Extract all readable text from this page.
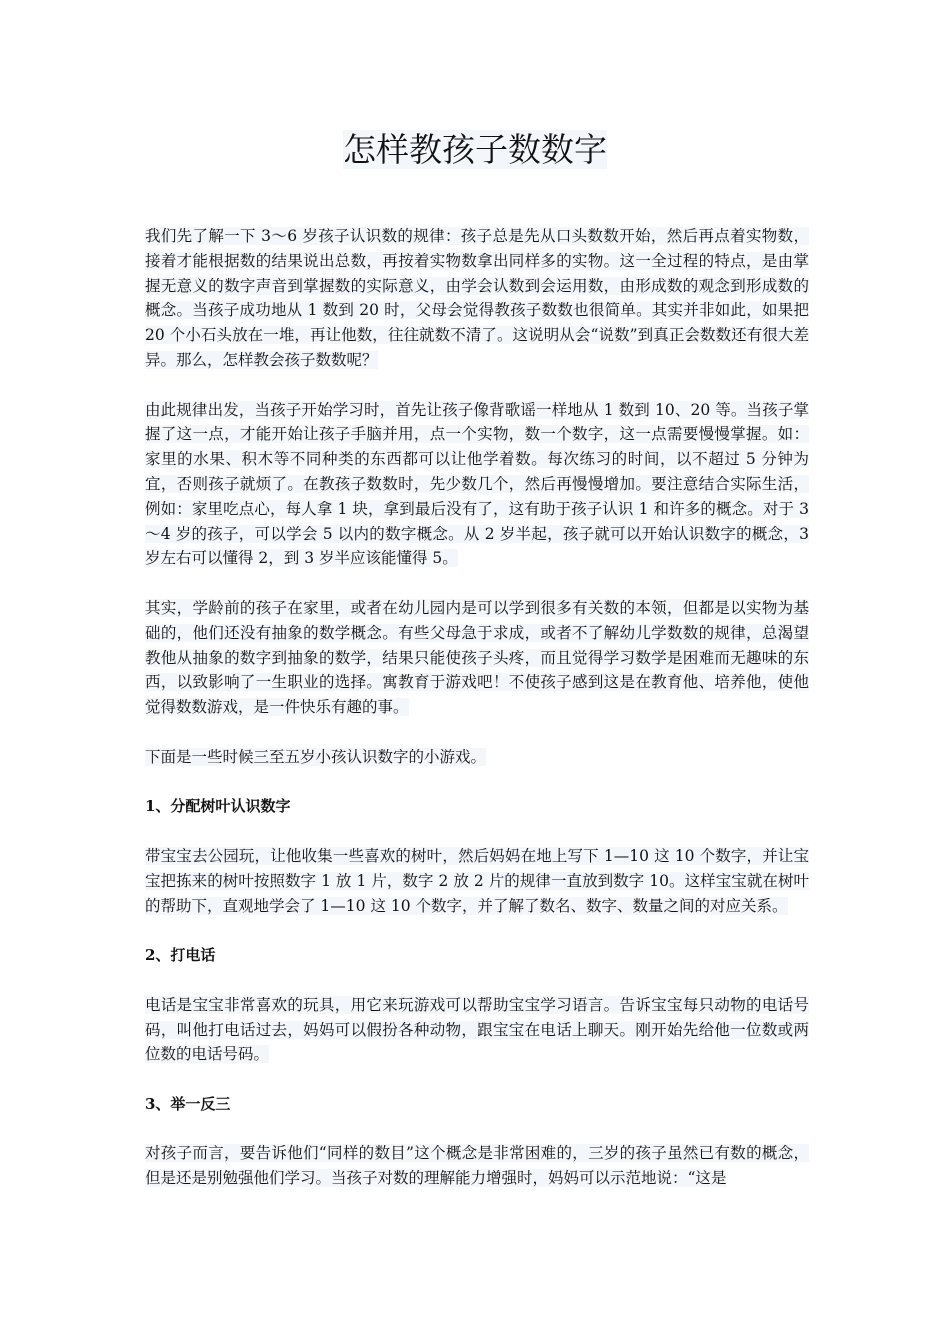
怎样教孩子数数字

我们先了解一下 3～6 岁孩子认识数的规律：孩子总是先从口头数数开始，然后再点着实物数，接着才能根据数的结果说出总数，再按着实物数拿出同样多的实物。这一全过程的特点，是由掌握无意义的数字声音到掌握数的实际意义，由学会认数到会运用数，由形成数的观念到形成数的概念。当孩子成功地从 1 数到 20 时，父母会觉得教孩子数数也很简单。其实并非如此，如果把 20 个小石头放在一堆，再让他数，往往就数不清了。这说明从会“说数”到真正会数数还有很大差异。那么，怎样教会孩子数数呢？

由此规律出发，当孩子开始学习时，首先让孩子像背歌谣一样地从 1 数到 10、20 等。当孩子掌握了这一点，才能开始让孩子手脑并用，点一个实物，数一个数字，这一点需要慢慢掌握。如：家里的水果、积木等不同种类的东西都可以让他学着数。每次练习的时间，以不超过 5 分钟为宜，否则孩子就烦了。在教孩子数数时，先少数几个，然后再慢慢增加。要注意结合实际生活，例如：家里吃点心，每人拿 1 块，拿到最后没有了，这有助于孩子认识 1 和许多的概念。对于 3～4 岁的孩子，可以学会 5 以内的数字概念。从 2 岁半起，孩子就可以开始认识数字的概念，3 岁左右可以懂得 2，到 3 岁半应该能懂得 5。

其实，学龄前的孩子在家里，或者在幼儿园内是可以学到很多有关数的本领，但都是以实物为基础的，他们还没有抽象的数学概念。有些父母急于求成，或者不了解幼儿学数数的规律，总渴望教他从抽象的数字到抽象的数学，结果只能使孩子头疼，而且觉得学习数学是困难而无趣味的东西，以致影响了一生职业的选择。寓教育于游戏吧！不使孩子感到这是在教育他、培养他，使他觉得数数游戏，是一件快乐有趣的事。

下面是一些时候三至五岁小孩认识数字的小游戏。

1、分配树叶认识数字

带宝宝去公园玩，让他收集一些喜欢的树叶，然后妈妈在地上写下 1—10 这 10 个数字，并让宝宝把拣来的树叶按照数字 1 放 1 片，数字 2 放 2 片的规律一直放到数字 10。这样宝宝就在树叶的帮助下，直观地学会了 1—10 这 10 个数字，并了解了数名、数字、数量之间的对应关系。

2、打电话

电话是宝宝非常喜欢的玩具，用它来玩游戏可以帮助宝宝学习语言。告诉宝宝每只动物的电话号码，叫他打电话过去，妈妈可以假扮各种动物，跟宝宝在电话上聊天。刚开始先给他一位数或两位数的电话号码。

3、举一反三

对孩子而言，要告诉他们“同样的数目”这个概念是非常困难的，三岁的孩子虽然已有数的概念，但是还是别勉强他们学习。当孩子对数的理解能力增强时，妈妈可以示范地说：“这是
